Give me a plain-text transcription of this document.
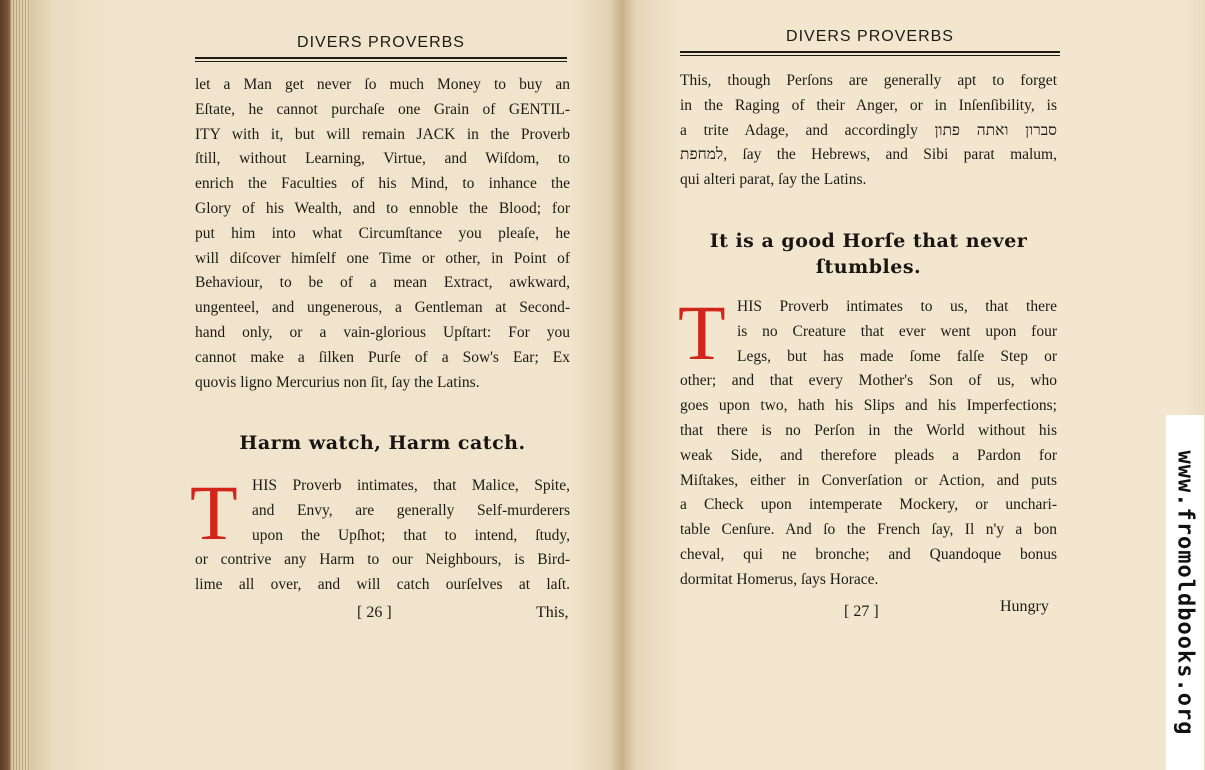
DIVERS PROVERBS
let a Man get never ſo much Money to buy an
Eſtate, he cannot purchaſe one Grain of GENTIL-
ITY with it, but will remain JACK in the Proverb
ſtill, without Learning, Virtue, and Wiſdom, to
enrich the Faculties of his Mind, to inhance the
Glory of his Wealth, and to ennoble the Blood; for
put him into what Circumſtance you pleaſe, he
will diſcover himſelf one Time or other, in Point of
Behaviour, to be of a mean Extract, awkward,
ungenteel, and ungenerous, a Gentleman at Second-
hand only, or a vain-glorious Upſtart: For you
cannot make a ſilken Purſe of a Sow's Ear; Ex
quovis ligno Mercurius non ſit, ſay the Latins.
Harm watch, Harm catch.
T HIS Proverb intimates, that Malice, Spite,
and Envy, are generally Self-murderers
upon the Upſhot; that to intend, ſtudy,
or contrive any Harm to our Neighbours, is Bird-
lime all over, and will catch ourſelves at laſt.
[ 26 ]	This,
DIVERS PROVERBS
This, though Perſons are generally apt to forget
in the Raging of their Anger, or in Inſenſibility, is
a trite Adage, and accordingly סברון ואתה פתון
למחפת, ſay the Hebrews, and Sibi parat malum,
qui alteri parat, ſay the Latins.
It is a good Horſe that never
ſtumbles.
T HIS Proverb intimates to us, that there
is no Creature that ever went upon four
Legs, but has made ſome falſe Step or
other; and that every Mother's Son of us, who
goes upon two, hath his Slips and his Imperfections;
that there is no Perſon in the World without his
weak Side, and therefore pleads a Pardon for
Miſtakes, either in Converſation or Action, and puts
a Check upon intemperate Mockery, or unchari-
table Cenſure. And ſo the French ſay, Il n'y a bon
cheval, qui ne bronche; and Quandoque bonus
dormitat Homerus, ſays Horace.
[ 27 ]	Hungry	www.fromoldbooks.org
